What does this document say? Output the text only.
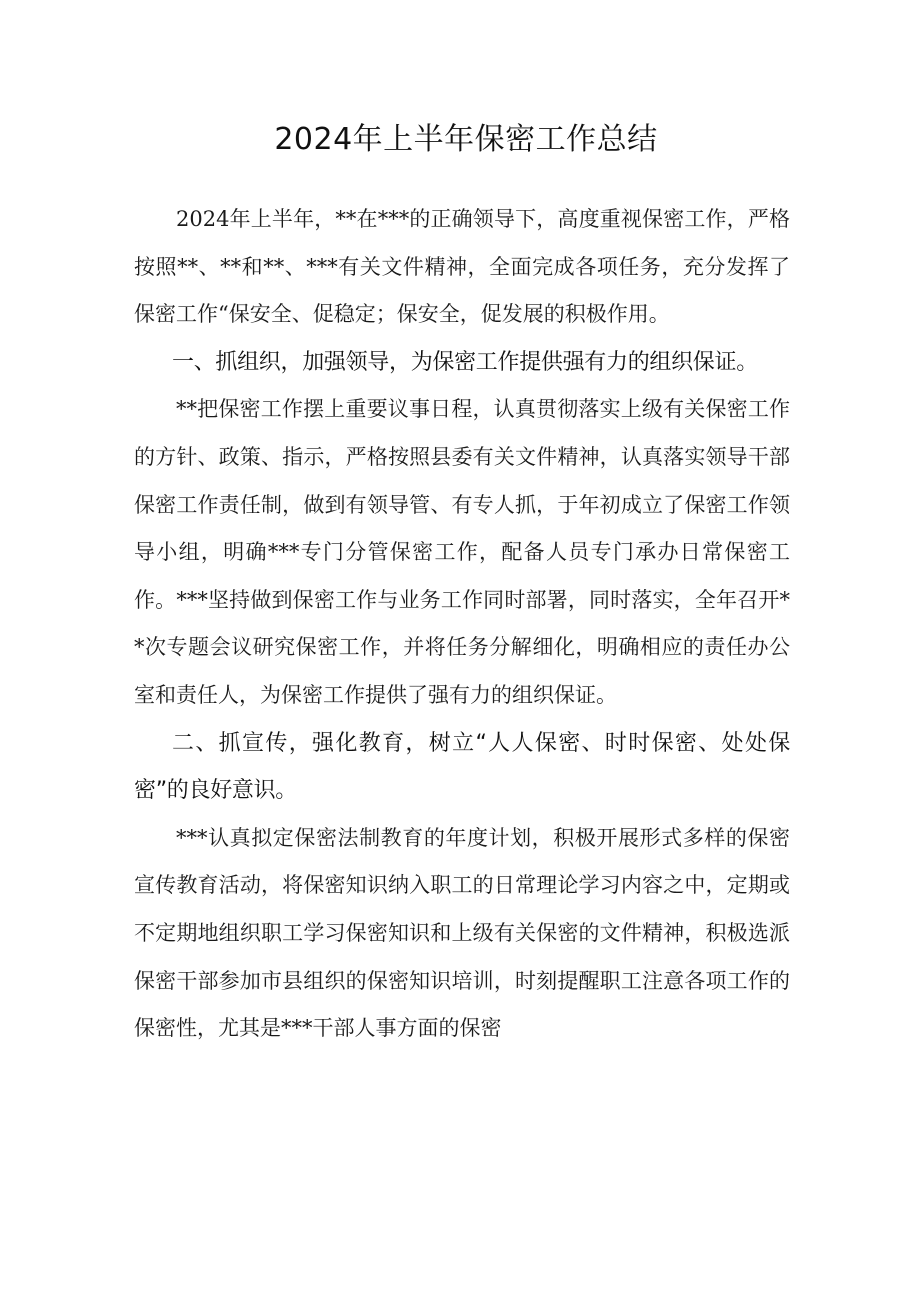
2024年上半年保密工作总结

2024年上半年，**在***的正确领导下，高度重视保密工作，严格按照**、**和**、***有关文件精神，全面完成各项任务，充分发挥了保密工作“保安全、促稳定；保安全，促发展的积极作用。

一、抓组织，加强领导，为保密工作提供强有力的组织保证。

**把保密工作摆上重要议事日程，认真贯彻落实上级有关保密工作的方针、政策、指示，严格按照县委有关文件精神，认真落实领导干部保密工作责任制，做到有领导管、有专人抓，于年初成立了保密工作领导小组，明确***专门分管保密工作，配备人员专门承办日常保密工作。***坚持做到保密工作与业务工作同时部署，同时落实，全年召开**次专题会议研究保密工作，并将任务分解细化，明确相应的责任办公室和责任人，为保密工作提供了强有力的组织保证。

二、抓宣传，强化教育，树立“人人保密、时时保密、处处保密”的良好意识。

***认真拟定保密法制教育的年度计划，积极开展形式多样的保密宣传教育活动，将保密知识纳入职工的日常理论学习内容之中，定期或不定期地组织职工学习保密知识和上级有关保密的文件精神，积极选派保密干部参加市县组织的保密知识培训，时刻提醒职工注意各项工作的保密性，尤其是***干部人事方面的保密
